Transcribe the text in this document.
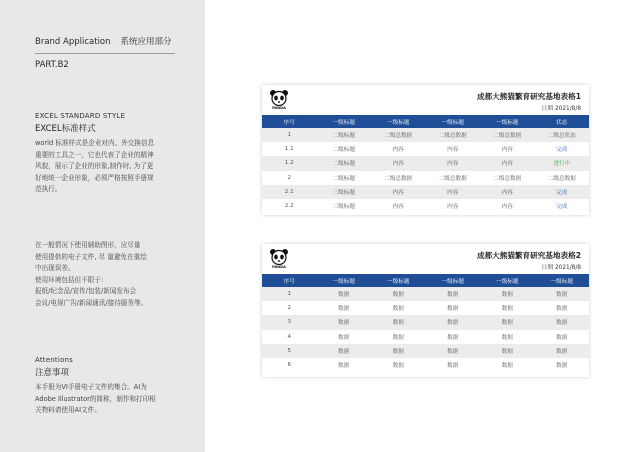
Brand Application 系统应用部分
PART.B2
EXCEL STANDARD STYLE
EXCEL标准样式
world 标准样式是企业对内、外交换信息
重要的工具之一，它也代表了企业的精神
风貌，展示了企业的形象,制作时, 为了更
好地统一企业形象，必须严格按照手册规
范执行。
在一般情况下使用辅助图形，应尽量
使用提供的电子文件, 尽 量避免在重绘
中出现误差。
使用环境包括但不限于：
报纸/纪念品/宣传/包装/新闻发布会
会议/电视广告/新闻通讯/接待服务等。
Attentions
注意事项
本手册为VI手册电子文件的集合。AI为
Adobe Illustrator的简称，制作和打印相
关物料请使用AI文件。
PANDA
成都大熊猫繁育研究基地表格1
日期 2021/8/8
序号	一级标题	一级标题	一级标题	一级标题	状态
1	二级标题	二级总数据	二级总数据	二级总数据	二级总状态
1.1	二级标题	内容	内容	内容	完成
1.2	二级标题	内容	内容	内容	进行中
2	二级标题	二级总数据	二级总数据	二级总数据	二级总数据
2.1	三级标题	内容	内容	内容	完成
2.2	三级标题	内容	内容	内容	完成
PANDA
成都大熊猫繁育研究基地表格2
日期 2021/8/8
序号	一级标题	一级标题	一级标题	一级标题	一级标题
1	数据	数据	数据	数据	数据
2	数据	数据	数据	数据	数据
3	数据	数据	数据	数据	数据
4	数据	数据	数据	数据	数据
5	数据	数据	数据	数据	数据
6	数据	数据	数据	数据	数据
